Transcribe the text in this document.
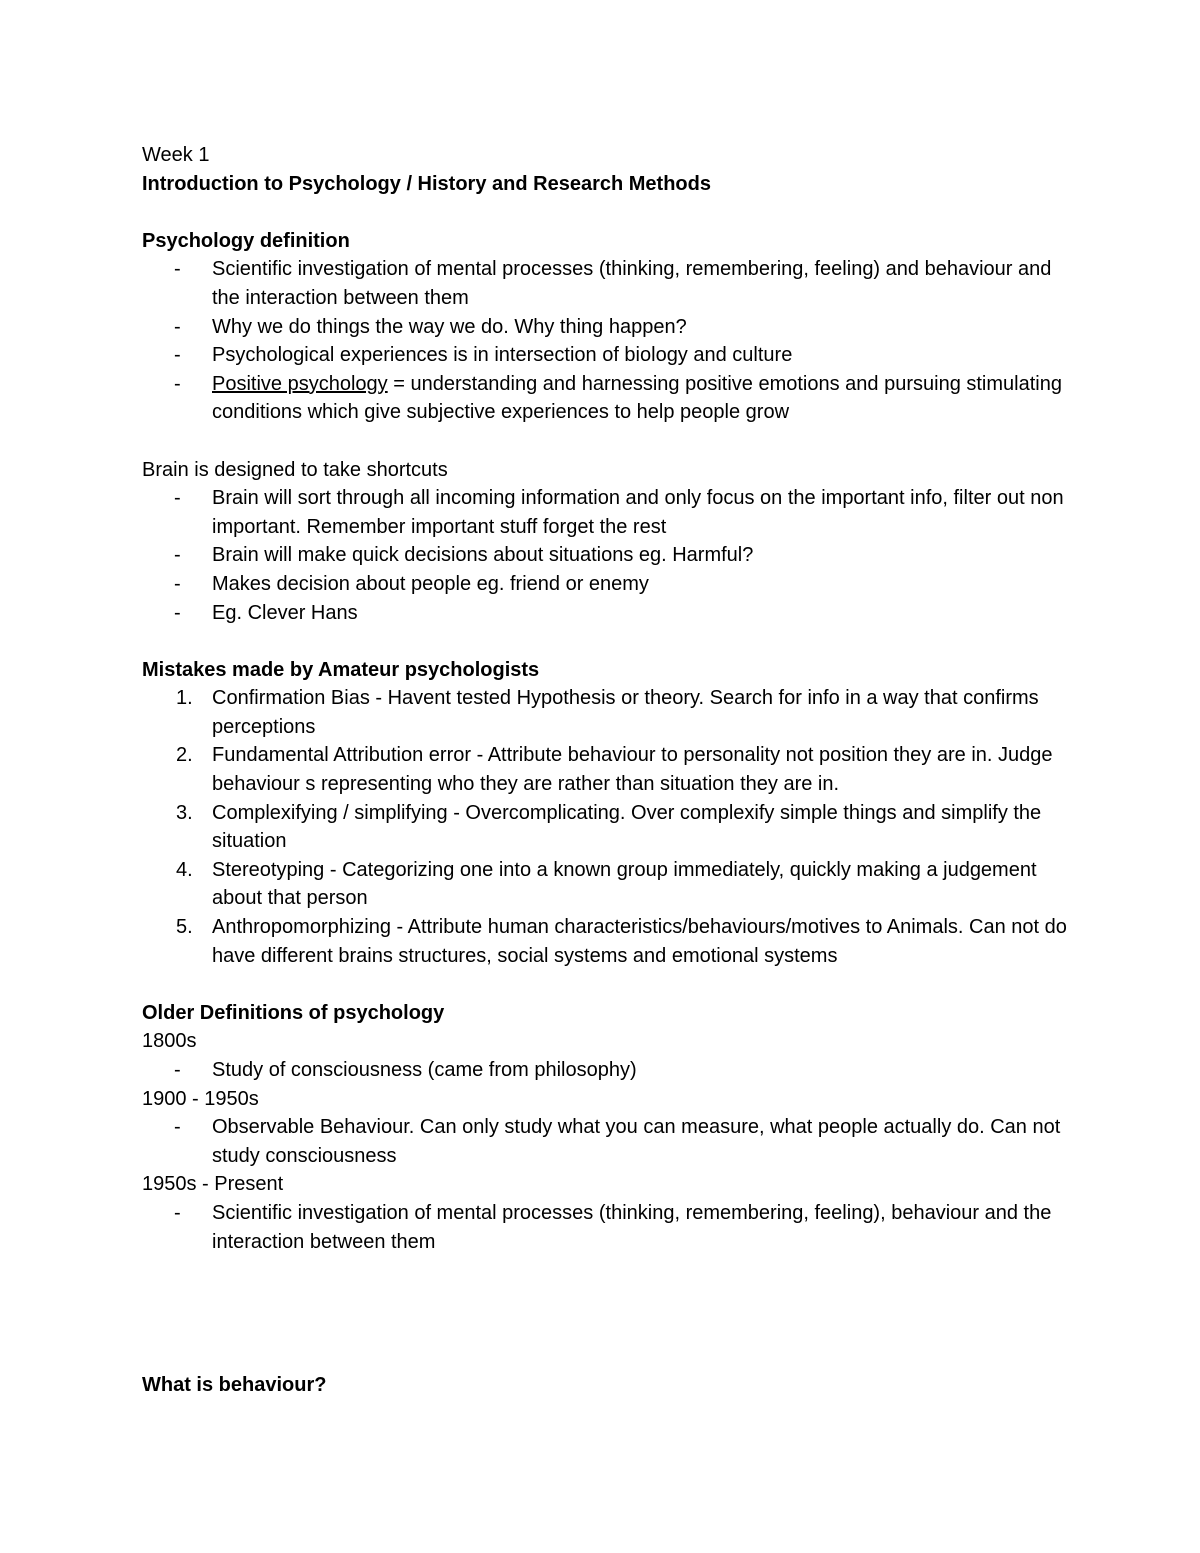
Week 1

Introduction to Psychology / History and Research Methods

Psychology definition

- Scientific investigation of mental processes (thinking, remembering, feeling) and behaviour and the interaction between them
- Why we do things the way we do. Why thing happen?
- Psychological experiences is in intersection of biology and culture
- Positive psychology = understanding and harnessing positive emotions and pursuing stimulating conditions which give subjective experiences to help people grow

Brain is designed to take shortcuts

- Brain will sort through all incoming information and only focus on the important info, filter out non important. Remember important stuff forget the rest
- Brain will make quick decisions about situations eg. Harmful?
- Makes decision about people eg. friend or enemy
- Eg. Clever Hans

Mistakes made by Amateur psychologists

1. Confirmation Bias - Havent tested Hypothesis or theory. Search for info in a way that confirms perceptions
2. Fundamental Attribution error - Attribute behaviour to personality not position they are in. Judge behaviour s representing who they are rather than situation they are in.
3. Complexifying / simplifying - Overcomplicating. Over complexify simple things and simplify the situation
4. Stereotyping - Categorizing one into a known group immediately, quickly making a judgement about that person
5. Anthropomorphizing - Attribute human characteristics/behaviours/motives to Animals. Can not do have different brains structures, social systems and emotional systems

Older Definitions of psychology

1800s

- Study of consciousness (came from philosophy)

1900 - 1950s

- Observable Behaviour. Can only study what you can measure, what people actually do. Can not study consciousness

1950s - Present

- Scientific investigation of mental processes (thinking, remembering, feeling), behaviour and the interaction between them

What is behaviour?
